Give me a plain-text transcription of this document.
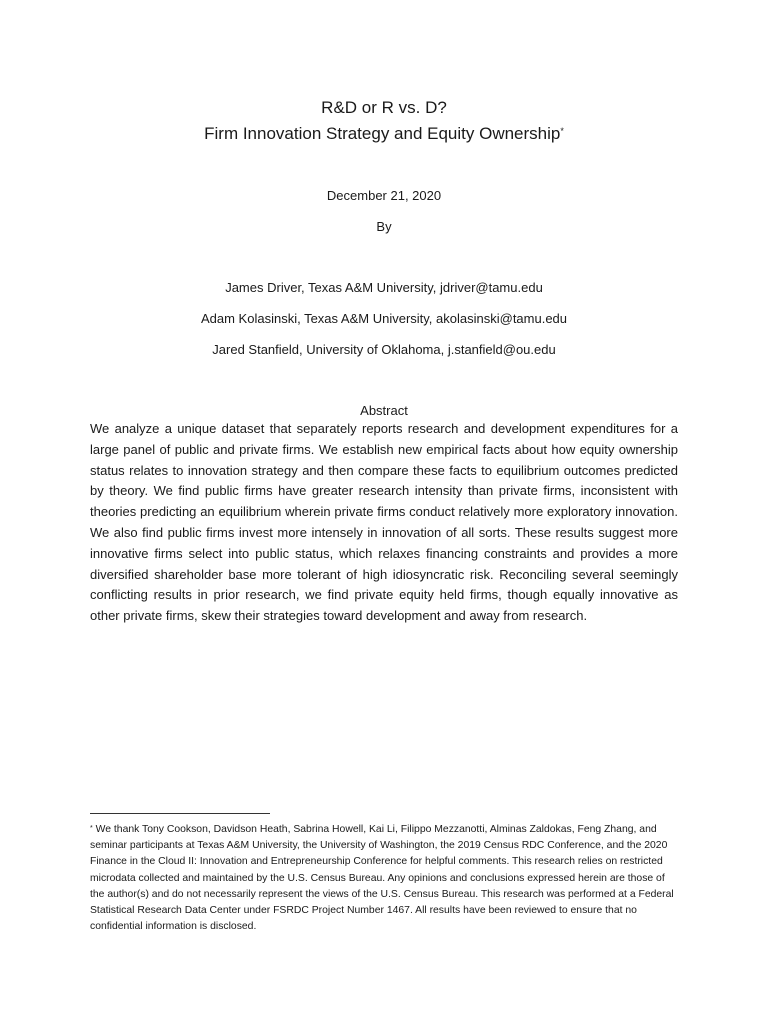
R&D or R vs. D?
Firm Innovation Strategy and Equity Ownership*
December 21, 2020
By
James Driver, Texas A&M University, jdriver@tamu.edu
Adam Kolasinski, Texas A&M University, akolasinski@tamu.edu
Jared Stanfield, University of Oklahoma, j.stanfield@ou.edu
Abstract

We analyze a unique dataset that separately reports research and development expenditures for a large panel of public and private firms. We establish new empirical facts about how equity ownership status relates to innovation strategy and then compare these facts to equilibrium outcomes predicted by theory. We find public firms have greater research intensity than private firms, inconsistent with theories predicting an equilibrium wherein private firms conduct relatively more exploratory innovation. We also find public firms invest more intensely in innovation of all sorts. These results suggest more innovative firms select into public status, which relaxes financing constraints and provides a more diversified shareholder base more tolerant of high idiosyncratic risk. Reconciling several seemingly conflicting results in prior research, we find private equity held firms, though equally innovative as other private firms, skew their strategies toward development and away from research.

* We thank Tony Cookson, Davidson Heath, Sabrina Howell, Kai Li, Filippo Mezzanotti, Alminas Zaldokas, Feng Zhang, and seminar participants at Texas A&M University, the University of Washington, the 2019 Census RDC Conference, and the 2020 Finance in the Cloud II: Innovation and Entrepreneurship Conference for helpful comments. This research relies on restricted microdata collected and maintained by the U.S. Census Bureau. Any opinions and conclusions expressed herein are those of the author(s) and do not necessarily represent the views of the U.S. Census Bureau. This research was performed at a Federal Statistical Research Data Center under FSRDC Project Number 1467. All results have been reviewed to ensure that no confidential information is disclosed.
